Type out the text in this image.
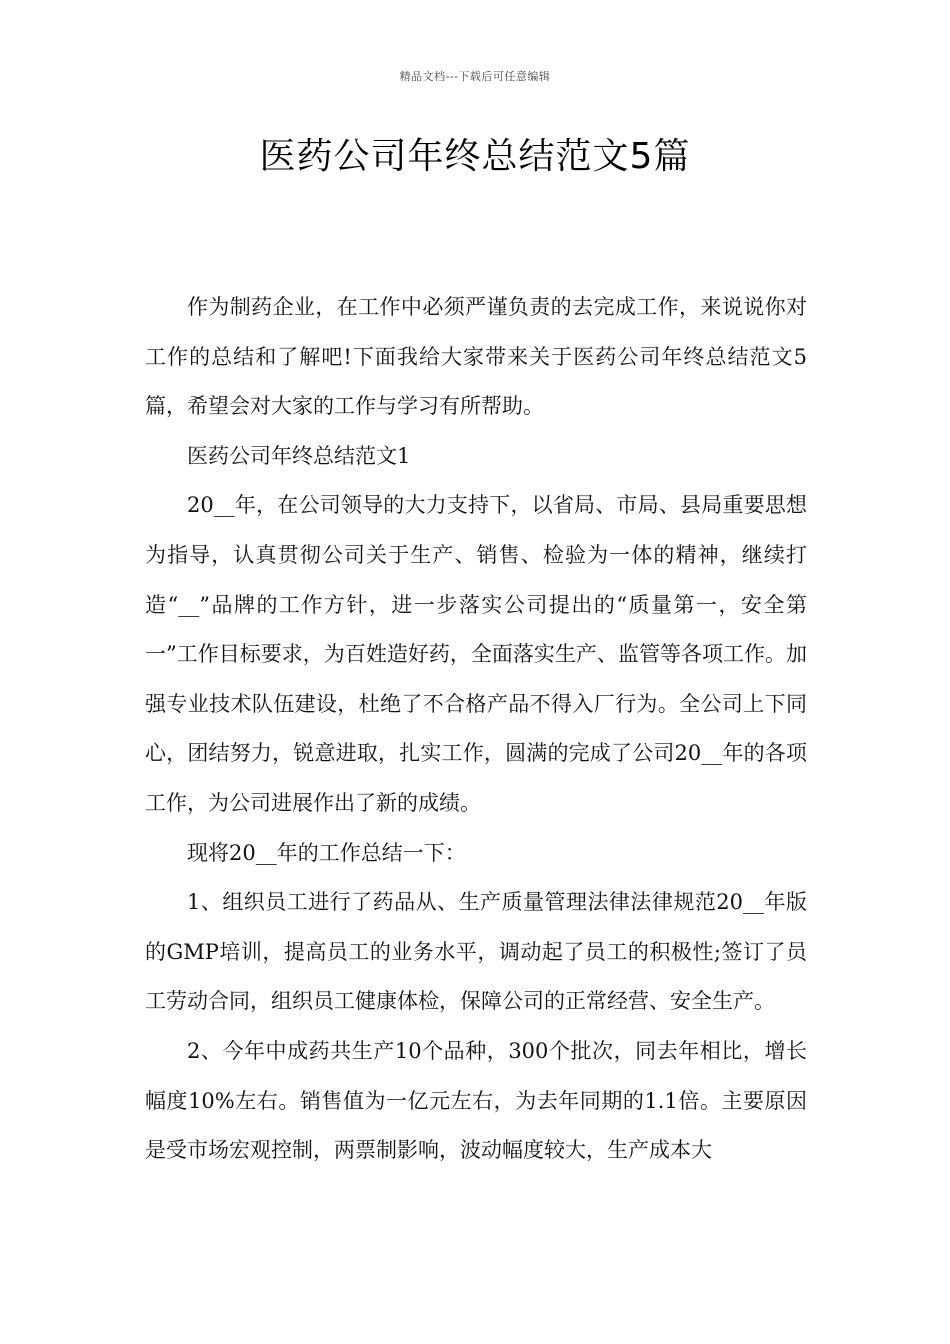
精品文档---下载后可任意编辑
医药公司年终总结范文5篇

作为制药企业，在工作中必须严谨负责的去完成工作，来说说你对工作的总结和了解吧!下面我给大家带来关于医药公司年终总结范文5篇，希望会对大家的工作与学习有所帮助。

医药公司年终总结范文1

20__年，在公司领导的大力支持下，以省局、市局、县局重要思想为指导，认真贯彻公司关于生产、销售、检验为一体的精神，继续打造“__”品牌的工作方针，进一步落实公司提出的“质量第一，安全第一”工作目标要求，为百姓造好药，全面落实生产、监管等各项工作。加强专业技术队伍建设，杜绝了不合格产品不得入厂行为。全公司上下同心，团结努力，锐意进取，扎实工作，圆满的完成了公司20__年的各项工作，为公司进展作出了新的成绩。

现将20__年的工作总结一下：

1、组织员工进行了药品从、生产质量管理法律法律规范20__年版的GMP培训，提高员工的业务水平，调动起了员工的积极性;签订了员工劳动合同，组织员工健康体检，保障公司的正常经营、安全生产。

2、今年中成药共生产10个品种，300个批次，同去年相比，增长幅度10%左右。销售值为一亿元左右，为去年同期的1.1倍。主要原因是受市场宏观控制，两票制影响，波动幅度较大，生产成本大
